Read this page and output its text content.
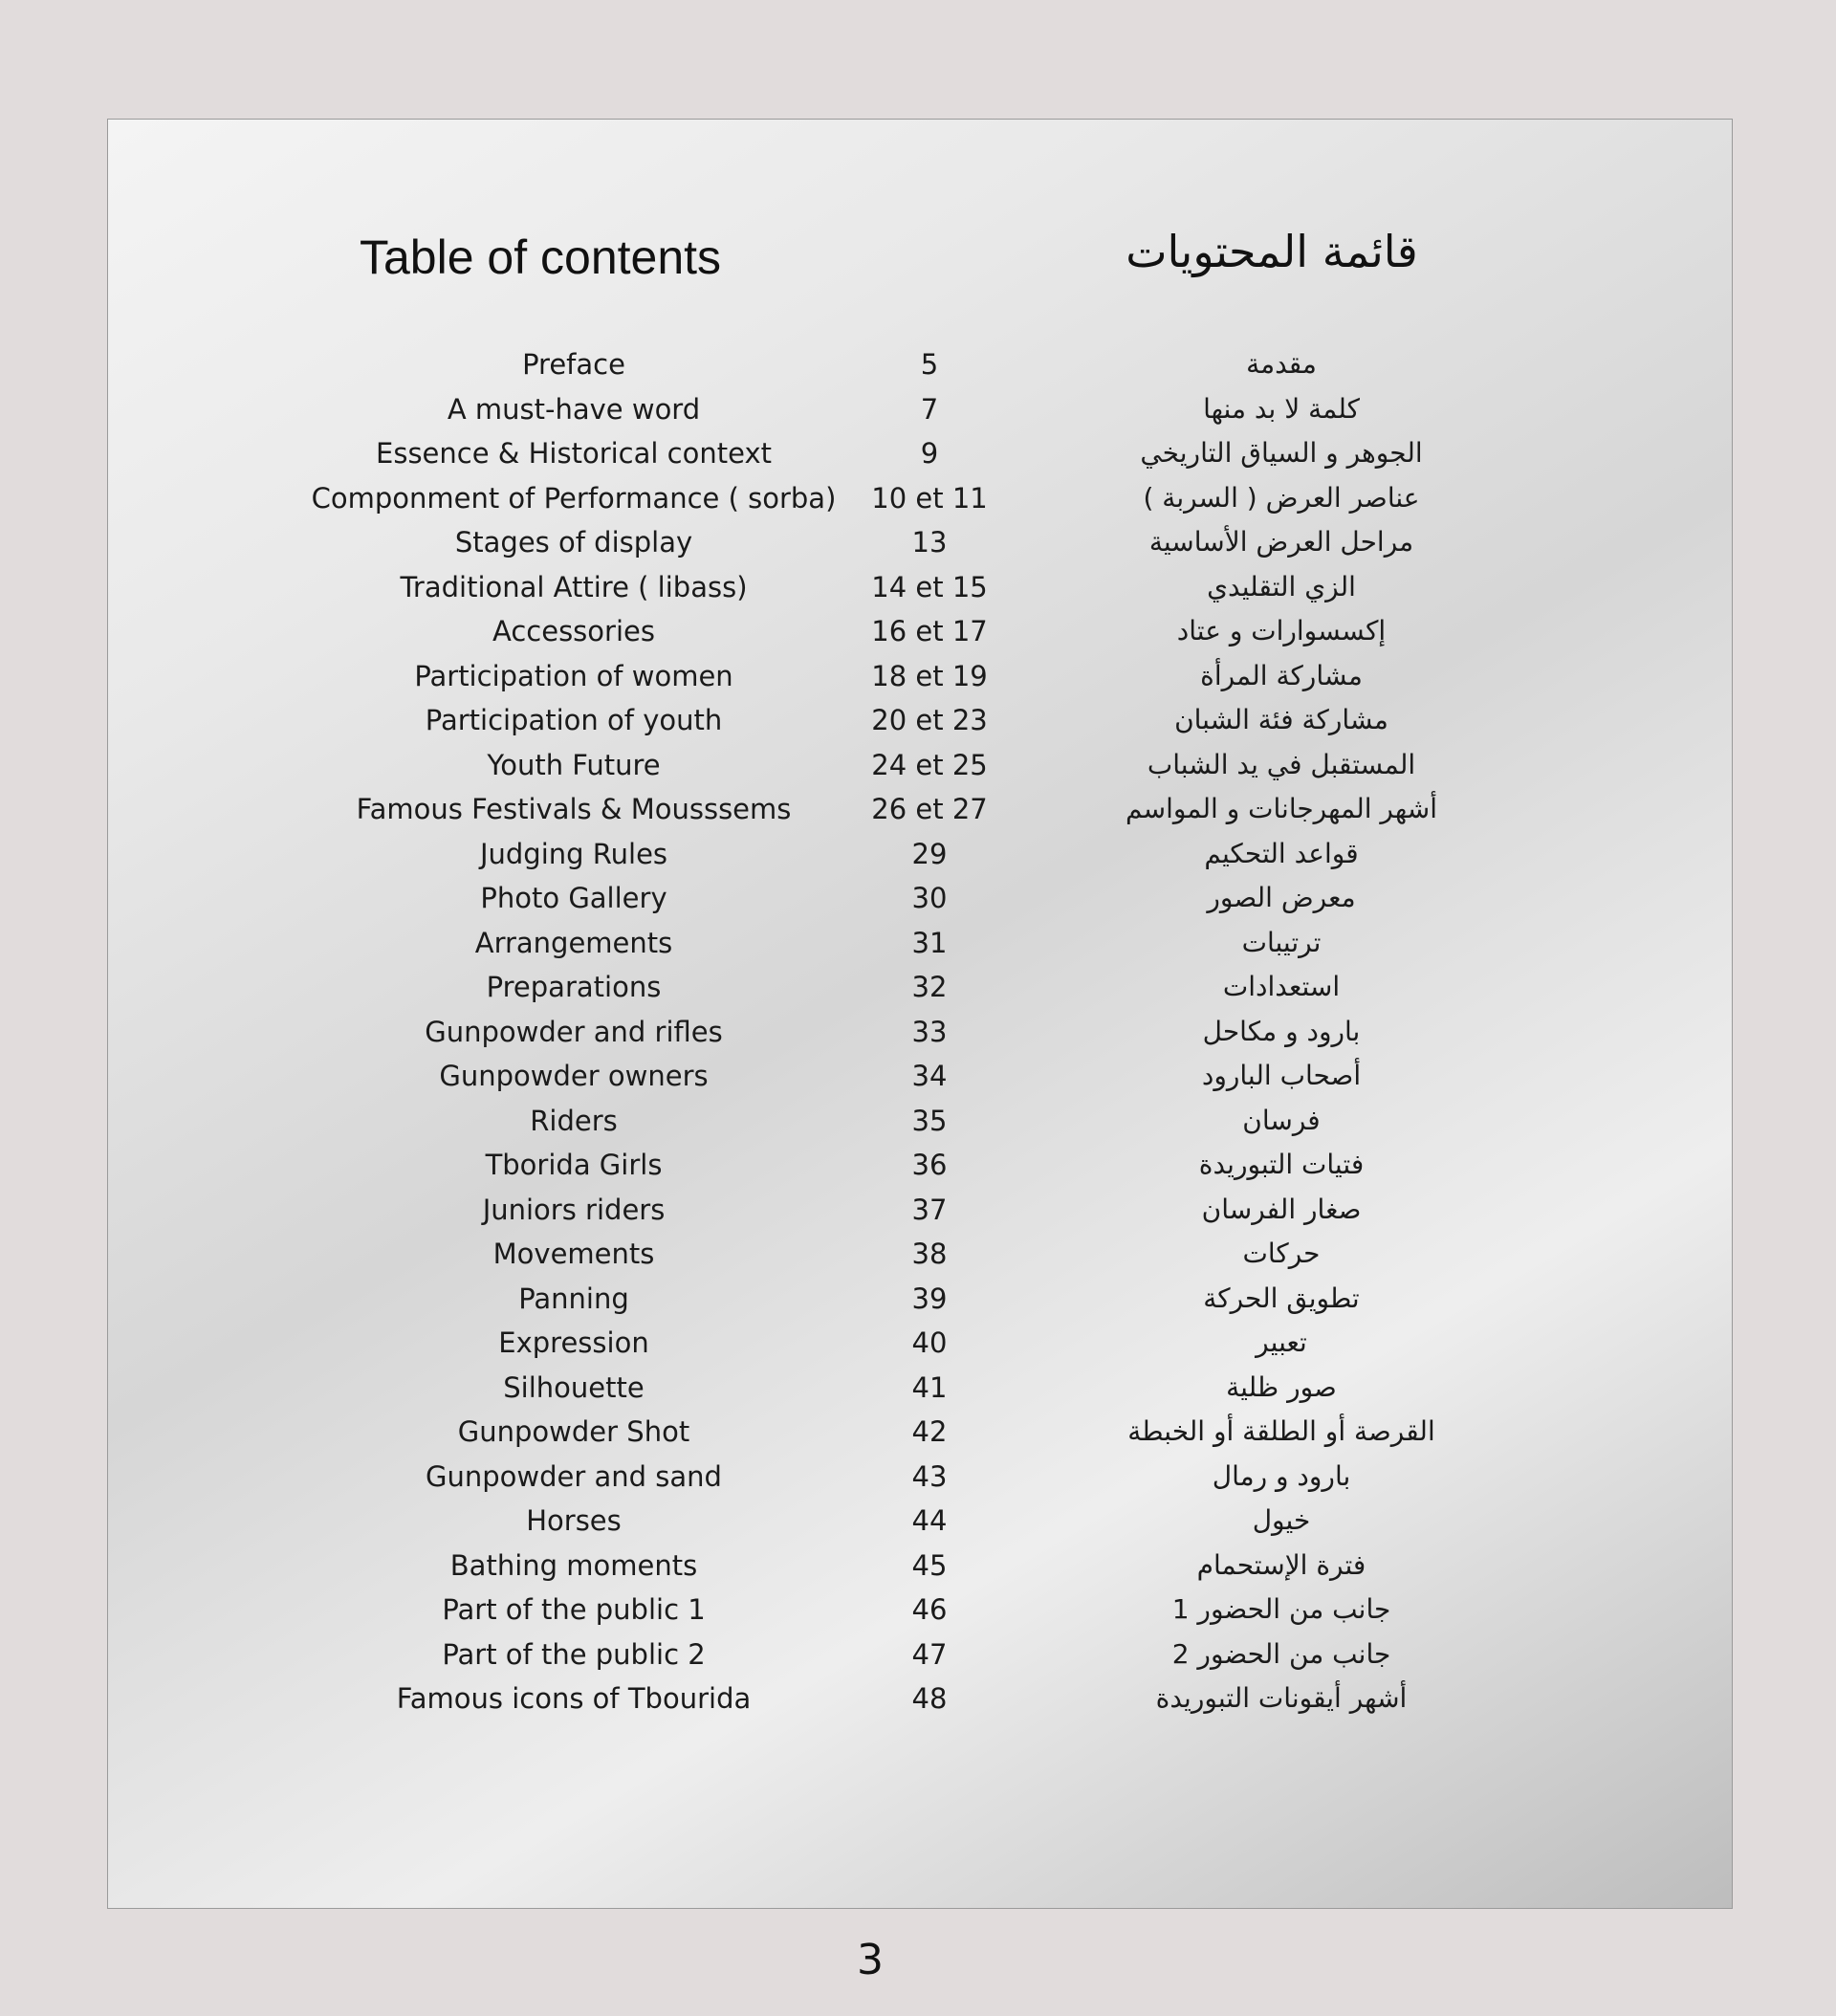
Table of contents	قائمة المحتويات
Preface	5	مقدمة
A must-have word	7	كلمة لا بد منها
Essence & Historical context	9	الجوهر و السياق التاريخي
Componment of Performance ( sorba)	10 et 11	عناصر العرض ( السربة )
Stages of display	13	مراحل العرض الأساسية
Traditional Attire ( libass)	14 et 15	الزي التقليدي
Accessories	16 et 17	إكسسوارات و عتاد
Participation of women	18 et 19	مشاركة المرأة
Participation of youth	20 et 23	مشاركة فئة الشبان
Youth Future	24 et 25	المستقبل في يد الشباب
Famous Festivals & Mousssems	26 et 27	أشهر المهرجانات و المواسم
Judging Rules	29	قواعد التحكيم
Photo Gallery	30	معرض الصور
Arrangements	31	ترتيبات
Preparations	32	استعدادات
Gunpowder and rifles	33	بارود و مكاحل
Gunpowder owners	34	أصحاب البارود
Riders	35	فرسان
Tborida Girls	36	فتيات التبوريدة
Juniors riders	37	صغار الفرسان
Movements	38	حركات
Panning	39	تطويق الحركة
Expression	40	تعبير
Silhouette	41	صور ظلية
Gunpowder Shot	42	القرصة أو الطلقة أو الخبطة
Gunpowder and sand	43	بارود و رمال
Horses	44	خيول
Bathing moments	45	فترة الإستحمام
Part of the public 1	46	جانب من الحضور 1
Part of the public 2	47	جانب من الحضور 2
Famous icons of Tbourida	48	أشهر أيقونات التبوريدة
3
